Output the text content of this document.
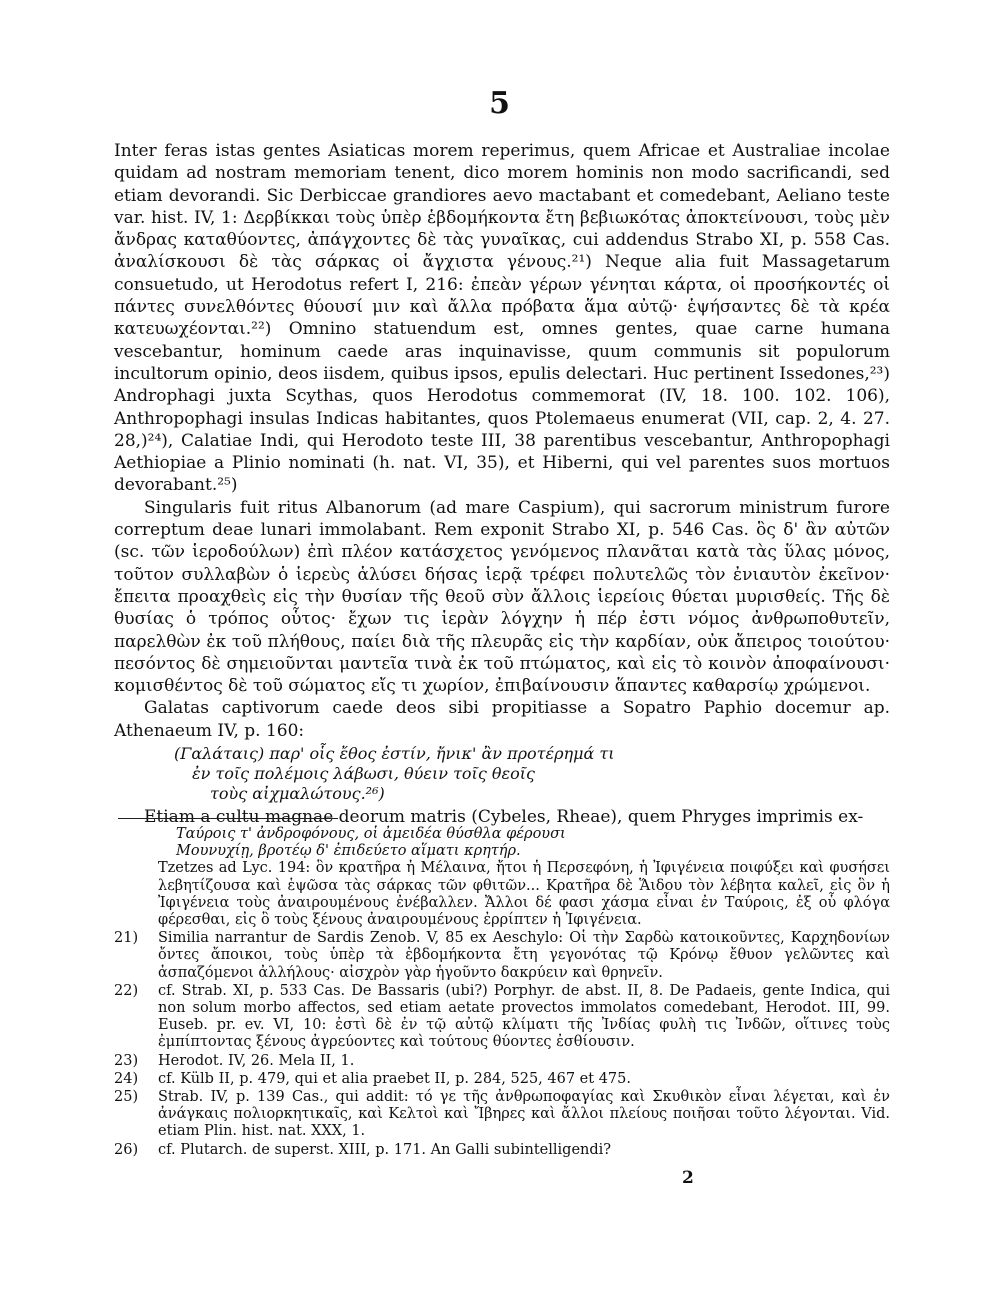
5

Inter feras istas gentes Asiaticas morem reperimus, quem Africae et Australiae incolae quidam ad nostram memoriam tenent, dico morem hominis non modo sacrificandi, sed etiam devorandi. Sic Derbiccae grandiores aevo mactabant et comedebant, Aeliano teste var. hist. IV, 1: Δερβίκκαι τοὺς ὑπὲρ ἑβδομήκοντα ἔτη βεβιωκότας ἀποκτείνουσι, τοὺς μὲν ἄνδρας καταθύοντες, ἀπάγχοντες δὲ τὰς γυναῖκας, cui addendus Strabo XI, p. 558 Cas. ἀναλίσκουσι δὲ τὰς σάρκας οἱ ἄγχιστα γένους.²¹) Neque alia fuit Massagetarum consuetudo, ut Herodotus refert I, 216: ἐπεὰν γέρων γένηται κάρτα, οἱ προσήκοντές οἱ πάντες συνελθόντες θύουσί μιν καὶ ἄλλα πρόβατα ἅμα αὐτῷ· ἑψήσαντες δὲ τὰ κρέα κατευωχέονται.²²) Omnino statuendum est, omnes gentes, quae carne humana vescebantur, hominum caede aras inquinavisse, quum communis sit populorum incultorum opinio, deos iisdem, quibus ipsos, epulis delectari. Huc pertinent Issedones,²³) Androphagi juxta Scythas, quos Herodotus commemorat (IV, 18. 100. 102. 106), Anthropophagi insulas Indicas habitantes, quos Ptolemaeus enumerat (VII, cap. 2, 4. 27. 28,)²⁴), Calatiae Indi, qui Herodoto teste III, 38 parentibus vescebantur, Anthropophagi Aethiopiae a Plinio nominati (h. nat. VI, 35), et Hiberni, qui vel parentes suos mortuos devorabant.²⁵)

Singularis fuit ritus Albanorum (ad mare Caspium), qui sacrorum ministrum furore correptum deae lunari immolabant. Rem exponit Strabo XI, p. 546 Cas. ὃς δ' ἂν αὐτῶν (sc. τῶν ἱεροδούλων) ἐπὶ πλέον κατάσχετος γενόμενος πλανᾶται κατὰ τὰς ὕλας μόνος, τοῦτον συλλαβὼν ὁ ἱερεὺς ἁλύσει δήσας ἱερᾷ τρέφει πολυτελῶς τὸν ἐνιαυτὸν ἐκεῖνον· ἔπειτα προαχθεὶς εἰς τὴν θυσίαν τῆς θεοῦ σὺν ἄλλοις ἱερείοις θύεται μυρισθείς. Τῆς δὲ θυσίας ὁ τρόπος οὗτος· ἔχων τις ἱερὰν λόγχην ἡ πέρ ἐστι νόμος ἀνθρωποθυτεῖν, παρελθὼν ἐκ τοῦ πλήθους, παίει διὰ τῆς πλευρᾶς εἰς τὴν καρδίαν, οὐκ ἄπειρος τοιούτου· πεσόντος δὲ σημειοῦνται μαντεῖα τινὰ ἐκ τοῦ πτώματος, καὶ εἰς τὸ κοινὸν ἀποφαίνουσι· κομισθέντος δὲ τοῦ σώματος εἴς τι χωρίον, ἐπιβαίνουσιν ἅπαντες καθαρσίῳ χρώμενοι.

Galatas captivorum caede deos sibi propitiasse a Sopatro Paphio docemur ap. Athenaeum IV, p. 160:

(Γαλάταις) παρ' οἷς ἔθος ἐστίν, ἤνικ' ἂν προτέρημά τι
ἐν τοῖς πολέμοις λάβωσι, θύειν τοῖς θεοῖς
τοὺς αἰχμαλώτους.²⁶)

Etiam a cultu magnae deorum matris (Cybeles, Rheae), quem Phryges imprimis ex-

Ταύροις τ' ἀνδροφόνους, οἱ ἀμειδέα θύσθλα φέρουσι
Μουνυχίῃ, βροτέῳ δ' ἐπιδεύετο αἵματι κρητήρ.
Tzetzes ad Lyc. 194: ὃν κρατῆρα ἡ Μέλαινα, ἤτοι ἡ Περσεφόνη, ἡ Ἰφιγένεια ποιφύξει καὶ φυσήσει λεβητίζουσα καὶ ἑψῶσα τὰς σάρκας τῶν φθιτῶν... Κρατῆρα δὲ Ἅιδου τὸν λέβητα καλεῖ, εἰς ὃν ἡ Ἰφιγένεια τοὺς ἀναιρουμένους ἐνέβαλλεν. Ἄλλοι δέ φασι χάσμα εἶναι ἐν Ταύροις, ἐξ οὗ φλόγα φέρεσθαι, εἰς ὃ τοὺς ξένους ἀναιρουμένους ἐρρίπτεν ἡ Ἰφιγένεια.
21)	Similia narrantur de Sardis Zenob. V, 85 ex Aeschylo: Οἱ τὴν Σαρδὼ κατοικοῦντες, Καρχηδονίων ὄντες ἄποικοι, τοὺς ὑπὲρ τὰ ἑβδομήκοντα ἔτη γεγονότας τῷ Κρόνῳ ἔθυον γελῶντες καὶ ἀσπαζόμενοι ἀλλήλους· αἰσχρὸν γὰρ ἡγοῦντο δακρύειν καὶ θρηνεῖν.
22)	cf. Strab. XI, p. 533 Cas. De Bassaris (ubi?) Porphyr. de abst. II, 8. De Padaeis, gente Indica, qui non solum morbo affectos, sed etiam aetate provectos immolatos comedebant, Herodot. III, 99. Euseb. pr. ev. VI, 10: ἐστὶ δὲ ἐν τῷ αὐτῷ κλίματι τῆς Ἰνδίας φυλὴ τις Ἰνδῶν, οἵτινες τοὺς ἐμπίπτοντας ξένους ἀγρεύοντες καὶ τούτους θύοντες ἐσθίουσιν.
23)	Herodot. IV, 26. Mela II, 1.
24)	cf. Külb II, p. 479, qui et alia praebet II, p. 284, 525, 467 et 475.
25)	Strab. IV, p. 139 Cas., qui addit: τό γε τῆς ἀνθρωποφαγίας καὶ Σκυθικὸν εἶναι λέγεται, καὶ ἐν ἀνάγκαις πολιορκητικαῖς, καὶ Κελτοὶ καὶ Ἴβηρες καὶ ἄλλοι πλείους ποιῆσαι τοῦτο λέγονται. Vid. etiam Plin. hist. nat. XXX, 1.
26)	cf. Plutarch. de superst. XIII, p. 171. An Galli subintelligendi?
2
